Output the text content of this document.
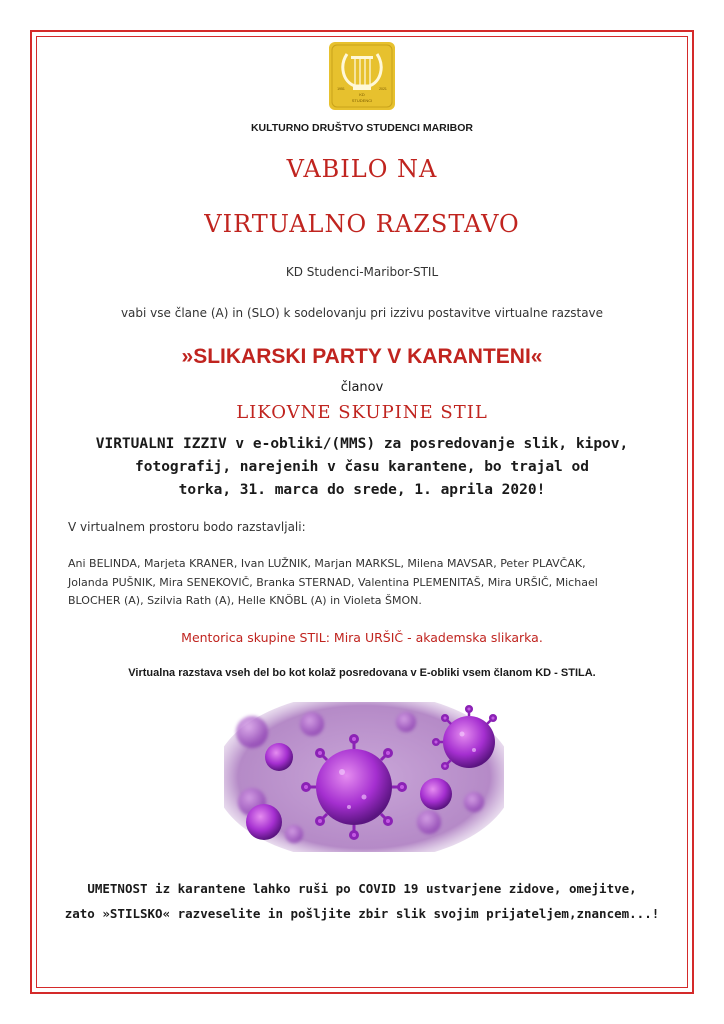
KD
1951	2021
STUDENCI
KULTURNO DRUŠTVO STUDENCI MARIBOR
VABILO NA
VIRTUALNO RAZSTAVO
KD Studenci-Maribor-STIL
vabi vse člane (A) in (SLO) k sodelovanju pri izzivu postavitve virtualne razstave
»SLIKARSKI PARTY V KARANTENI«
članov
LIKOVNE SKUPINE STIL
VIRTUALNI IZZIV v e-obliki/(MMS) za posredovanje slik, kipov,
fotografij, narejenih v času karantene, bo trajal od
torka, 31. marca do srede, 1. aprila 2020!
V virtualnem prostoru bodo razstavljali:
Ani BELINDA, Marjeta KRANER, Ivan LUŽNIK, Marjan MARKSL, Milena MAVSAR, Peter PLAVČAK,
Jolanda PUŠNIK, Mira SENEKOVIČ, Branka STERNAD, Valentina PLEMENITAŠ, Mira URŠIČ, Michael
BLOCHER (A), Szilvia Rath (A), Helle KNÖBL (A) in Violeta ŠMON.
Mentorica skupine STIL: Mira URŠIČ - akademska slikarka.
Virtualna razstava vseh del bo kot kolaž posredovana v E-obliki vsem članom KD - STILA.
UMETNOST iz karantene lahko ruši po COVID 19 ustvarjene zidove, omejitve,
zato »STILSKO« razveselite in pošljite zbir slik svojim prijateljem,znancem...!
